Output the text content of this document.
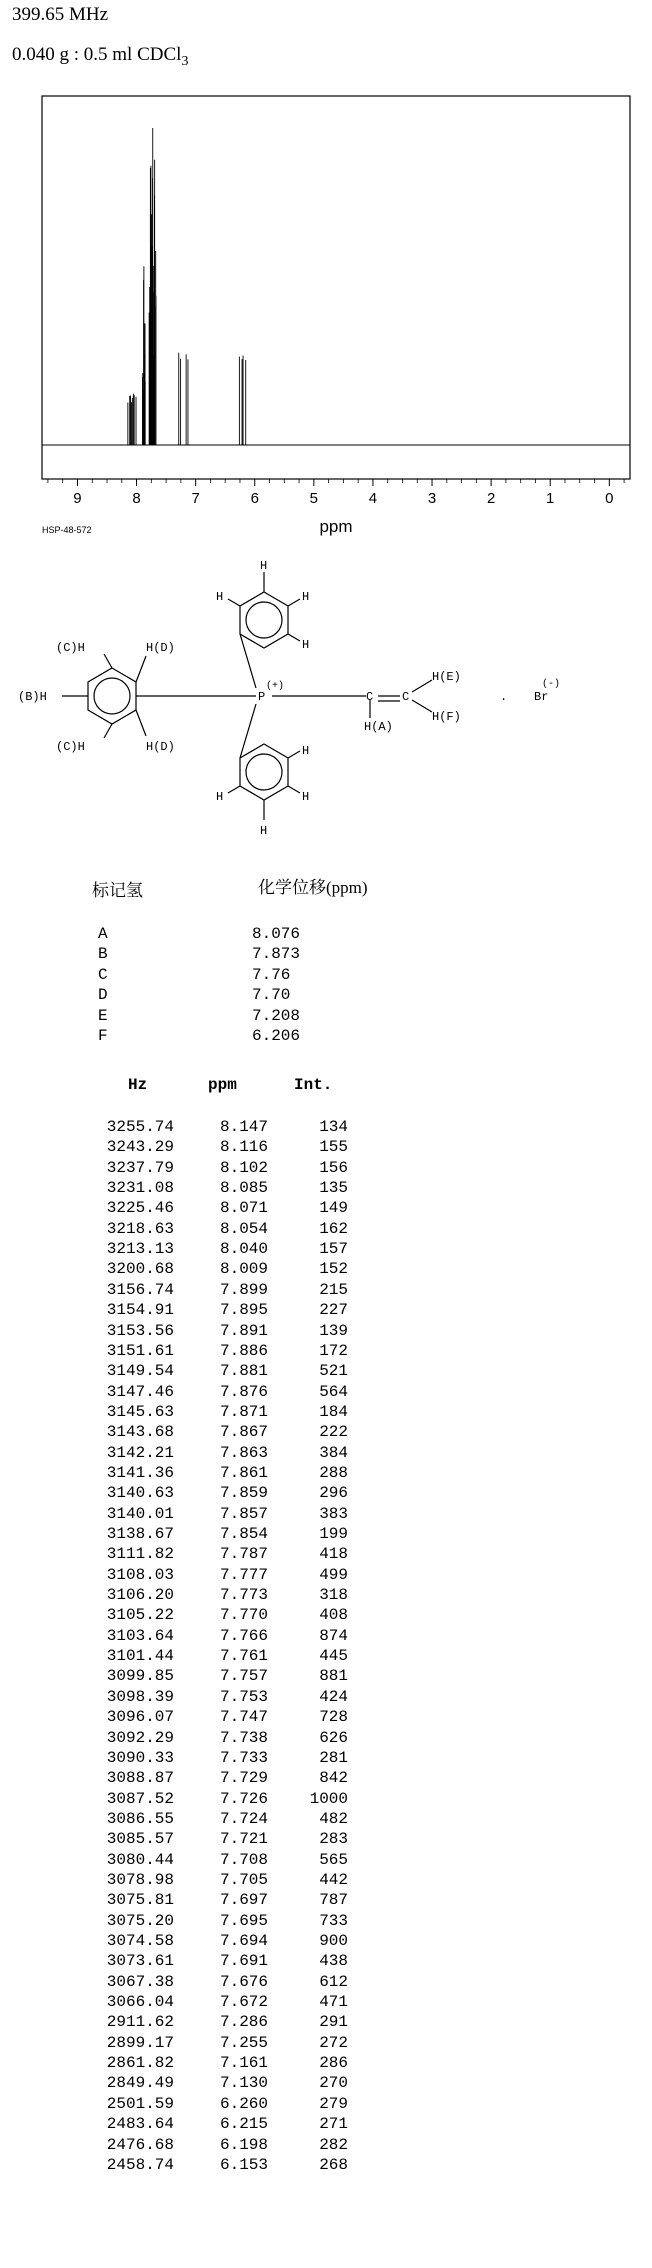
399.65 MHz
0.040 g : 0.5 ml CDCl$_3$
9	8	7	6	5	4	3	2	1	0
ppm
HSP-48-572
H
H
H
H
H
H
H
H
(C)H	H(D)
(B)H
(C)H	H(D)
P
(+)
C C
H(A)
H(E)
H(F)
. Br
(-)
标记氢	化学位移(ppm)
A	8.076
B	7.873
C	7.76
D	7.70
E	7.208
F	6.206
Hz	ppm	Int.
3255.74	8.147	134
3243.29	8.116	155
3237.79	8.102	156
3231.08	8.085	135
3225.46	8.071	149
3218.63	8.054	162
3213.13	8.040	157
3200.68	8.009	152
3156.74	7.899	215
3154.91	7.895	227
3153.56	7.891	139
3151.61	7.886	172
3149.54	7.881	521
3147.46	7.876	564
3145.63	7.871	184
3143.68	7.867	222
3142.21	7.863	384
3141.36	7.861	288
3140.63	7.859	296
3140.01	7.857	383
3138.67	7.854	199
3111.82	7.787	418
3108.03	7.777	499
3106.20	7.773	318
3105.22	7.770	408
3103.64	7.766	874
3101.44	7.761	445
3099.85	7.757	881
3098.39	7.753	424
3096.07	7.747	728
3092.29	7.738	626
3090.33	7.733	281
3088.87	7.729	842
3087.52	7.726	1000
3086.55	7.724	482
3085.57	7.721	283
3080.44	7.708	565
3078.98	7.705	442
3075.81	7.697	787
3075.20	7.695	733
3074.58	7.694	900
3073.61	7.691	438
3067.38	7.676	612
3066.04	7.672	471
2911.62	7.286	291
2899.17	7.255	272
2861.82	7.161	286
2849.49	7.130	270
2501.59	6.260	279
2483.64	6.215	271
2476.68	6.198	282
2458.74	6.153	268
